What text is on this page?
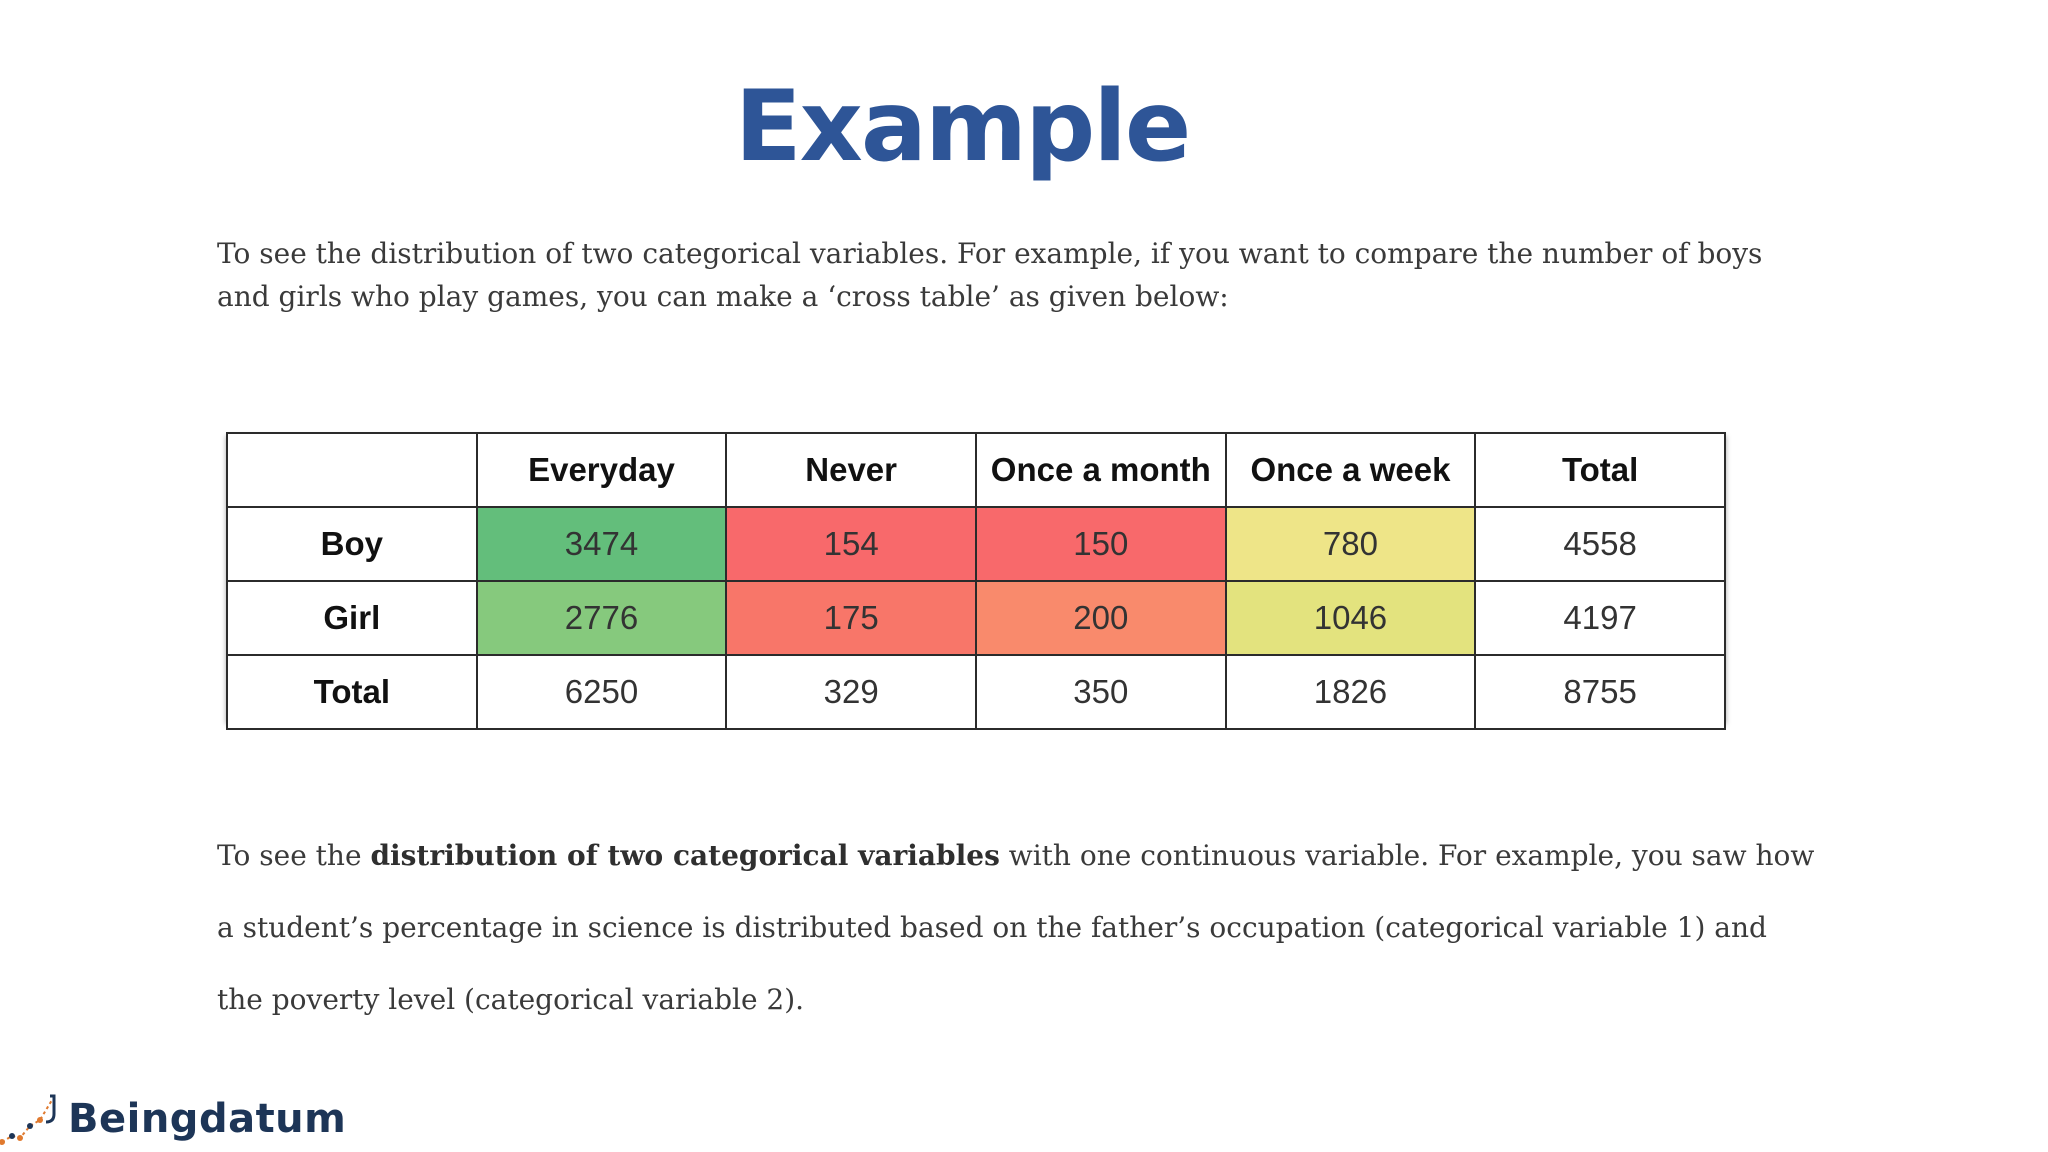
Example
To see the distribution of two categorical variables. For example, if you want to compare the number of boys and girls who play games, you can make a ‘cross table’ as given below:
	Everyday	Never	Once a month	Once a week	Total
Boy	3474	154	150	780	4558
Girl	2776	175	200	1046	4197
Total	6250	329	350	1826	8755
To see the distribution of two categorical variables with one continuous variable. For example, you saw how a student’s percentage in science is distributed based on the father’s occupation (categorical variable 1) and the poverty level (categorical variable 2).
Beingdatum
